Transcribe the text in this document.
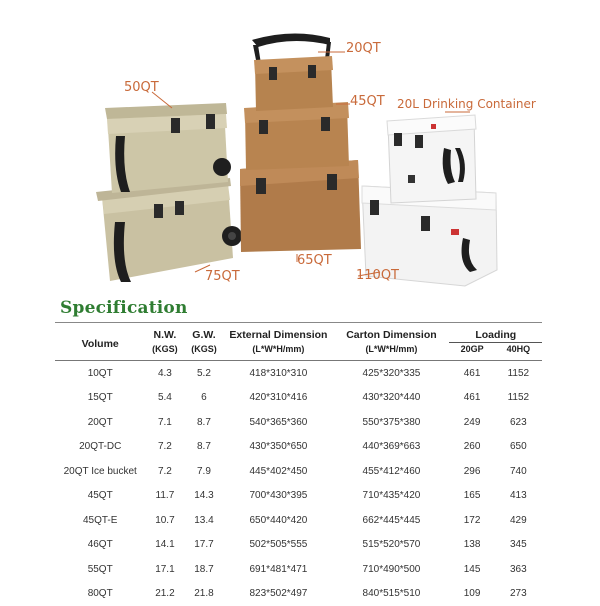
20QT
50QT
45QT 20L Drinking Container
75QT
65QT
110QT
Specification
Volume	N.W.	G.W.	External Dimension	Carton Dimension	Loading	
	(KGS)	(KGS)	(L*W*H/mm)	(L*W*H/mm)	20GP	40HQ
10QT	4.3	5.2	418*310*310	425*320*335	461	1152
15QT	5.4	6	420*310*416	430*320*440	461	1152
20QT	7.1	8.7	540*365*360	550*375*380	249	623
20QT-DC	7.2	8.7	430*350*650	440*369*663	260	650
20QT Ice bucket	7.2	7.9	445*402*450	455*412*460	296	740
45QT	11.7	14.3	700*430*395	710*435*420	165	413
45QT-E	10.7	13.4	650*440*420	662*445*445	172	429
46QT	14.1	17.7	502*505*555	515*520*570	138	345
55QT	17.1	18.7	691*481*471	710*490*500	145	363
80QT	21.2	21.8	823*502*497	840*515*510	109	273
